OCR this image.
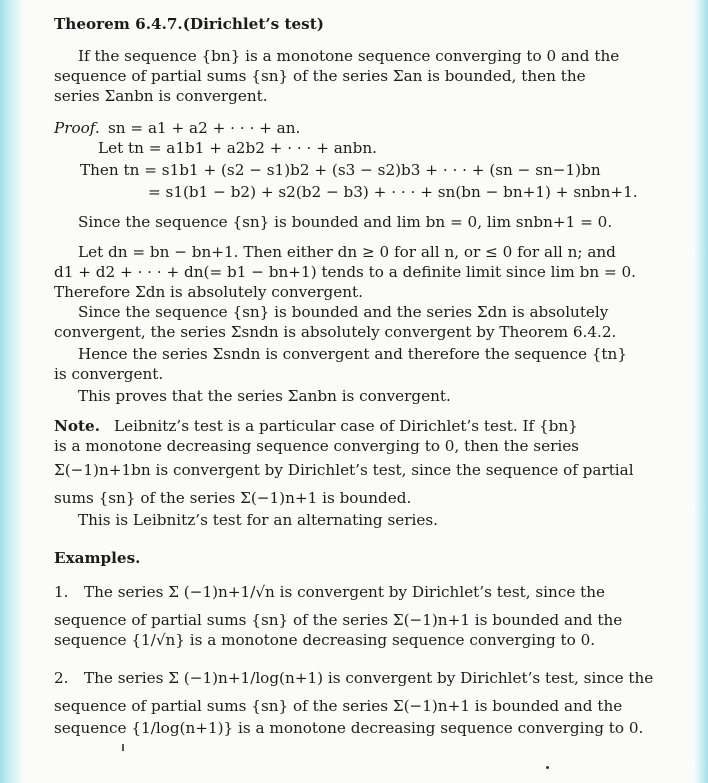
Theorem 6.4.7.(Dirichlet’s test)
If the sequence {bn} is a monotone sequence converging to 0 and the
sequence of partial sums {sn} of the series Σan is bounded, then the
series Σanbn is convergent.
Proof. sn = a1 + a2 + · · · + an.
Let tn = a1b1 + a2b2 + · · · + anbn.
Then tn = s1b1 + (s2 − s1)b2 + (s3 − s2)b3 + · · · + (sn − sn−1)bn
= s1(b1 − b2) + s2(b2 − b3) + · · · + sn(bn − bn+1) + snbn+1.
Since the sequence {sn} is bounded and lim bn = 0, lim snbn+1 = 0.
Let dn = bn − bn+1. Then either dn ≥ 0 for all n, or ≤ 0 for all n; and
d1 + d2 + · · · + dn(= b1 − bn+1) tends to a definite limit since lim bn = 0.
Therefore Σdn is absolutely convergent.
Since the sequence {sn} is bounded and the series Σdn is absolutely
convergent, the series Σsndn is absolutely convergent by Theorem 6.4.2.
Hence the series Σsndn is convergent and therefore the sequence {tn}
is convergent.
This proves that the series Σanbn is convergent.
Note. Leibnitz’s test is a particular case of Dirichlet’s test. If {bn}
is a monotone decreasing sequence converging to 0, then the series
Σ(−1)n+1bn is convergent by Dirichlet’s test, since the sequence of partial
sums {sn} of the series Σ(−1)n+1 is bounded.
This is Leibnitz’s test for an alternating series.
Examples.
1. The series Σ (−1)n+1/√n is convergent by Dirichlet’s test, since the
sequence of partial sums {sn} of the series Σ(−1)n+1 is bounded and the
sequence {1/√n} is a monotone decreasing sequence converging to 0.
2. The series Σ (−1)n+1/log(n+1) is convergent by Dirichlet’s test, since the
sequence of partial sums {sn} of the series Σ(−1)n+1 is bounded and the
sequence {1/log(n+1)} is a monotone decreasing sequence converging to 0.
